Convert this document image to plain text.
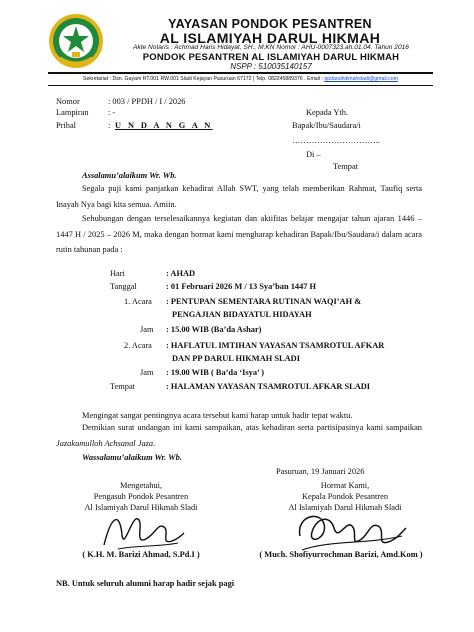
YAYASAN PONDOK PESANTREN
AL ISLAMIYAH DARUL HIKMAH
Akte Notaris : Achmad Haris Hidayat, SH., M.KN Nomor : AHU-0007323.ah.01.04. Tahun 2016
PONDOK PESANTREN AL ISLAMIYAH DARUL HIKMAH
NSPP : 510035140157
Sekretariat : Dsn. Gayam RT.001 RW.001 Sladi Kejayan Pasuruan 67172 | Telp. 082245889376 . Email : ppdaruihikmahsladi@gmail.com
Nomor	: 003 / PPDH / I / 2026
Lampiran : -
Prihal	: U N D A N G A N
Kepada Yth.
Bapak/Ibu/Saudara/i
…………………………..
Di –
Tempat
Assalamu’alaikum Wr. Wb.
Segala puji kami panjatkan kehadirat Allah SWT, yang telah memberikan Rahmat, Taufiq serta Inayah Nya bagi kita semua. Amiin.
Sehubungan dengan terselesaikannya kegiatan dan aktifitas belajar mengajar tahun ajaran 1446 – 1447 H / 2025 – 2026 M, maka dengan hormat kami mengharap kehadiran Bapak/Ibu/Saudara/i dalam acara rutin tahunan pada :
Hari	: AHAD
Tanggal	: 01 Februari 2026 M / 13 Sya’ban 1447 H
1. Acara : PENTUPAN SEMENTARA RUTINAN WAQI’AH &
PENGAJIAN BIDAYATUL HIDAYAH
Jam : 15.00 WIB (Ba’da Ashar)
2. Acara : HAFLATUL IMTIHAN YAYASAN TSAMROTUL AFKAR
DAN PP DARUL HIKMAH SLADI
Jam : 19.00 WIB ( Ba’da ‘Isya’ )
Tempat	: HALAMAN YAYASAN TSAMROTUL AFKAR SLADI
Mengingat sangat pentingnya acara tersebut kami harap untuk hadir tepat waktu.
Demikian surat undangan ini kami sampaikan, atas kehadiran serta partisipasinya kami sampaikan Jazakumulloh Achsanal Jaza.
Wassalamu’alaikum Wr. Wb.
Pasuruan, 19 Januari 2026
Mengetahui,
Pengasuh Pondok Pesantren
Al Islamiyah Darul Hikmah Sladi
Hormat Kami,
Kepala Pondok Pesantren
Al Islamiyah Darul Hikmah Sladi
( K.H. M. Barizi Ahmad, S.Pd.I )	( Much. Shofiyurrochman Barizi, Amd.Kom )
NB. Untuk seluruh alumni harap hadir sejak pagi
